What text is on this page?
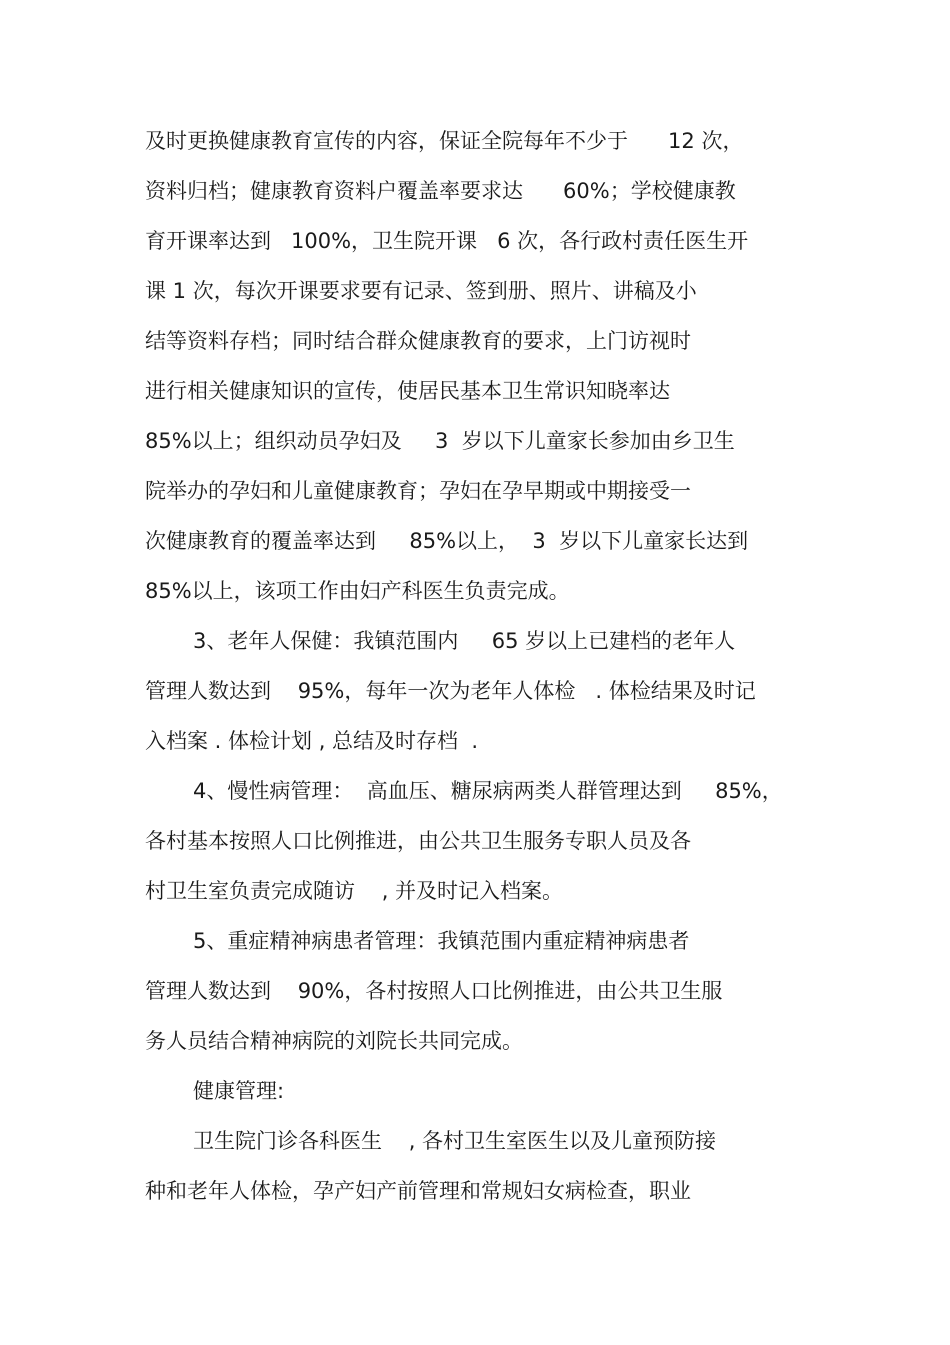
及时更换健康教育宣传的内容，保证全院每年不少于      12 次，
资料归档；健康教育资料户覆盖率要求达      60%；学校健康教
育开课率达到   100%，卫生院开课   6 次，各行政村责任医生开
课 1 次，每次开课要求要有记录、签到册、照片、讲稿及小
结等资料存档；同时结合群众健康教育的要求，上门访视时
进行相关健康知识的宣传，使居民基本卫生常识知晓率达
85%以上；组织动员孕妇及     3  岁以下儿童家长参加由乡卫生
院举办的孕妇和儿童健康教育；孕妇在孕早期或中期接受一
次健康教育的覆盖率达到     85%以上，  3  岁以下儿童家长达到
85%以上，该项工作由妇产科医生负责完成。
3、老年人保健：我镇范围内     65 岁以上已建档的老年人
管理人数达到    95%，每年一次为老年人体检   . 体检结果及时记
入档案 . 体检计划 , 总结及时存档  .
4、慢性病管理：  高血压、糖尿病两类人群管理达到     85%，
各村基本按照人口比例推进，由公共卫生服务专职人员及各
村卫生室负责完成随访    , 并及时记入档案。
5、重症精神病患者管理：我镇范围内重症精神病患者
管理人数达到    90%，各村按照人口比例推进，由公共卫生服
务人员结合精神病院的刘院长共同完成。
健康管理:
卫生院门诊各科医生    , 各村卫生室医生以及儿童预防接
种和老年人体检，孕产妇产前管理和常规妇女病检查，职业
